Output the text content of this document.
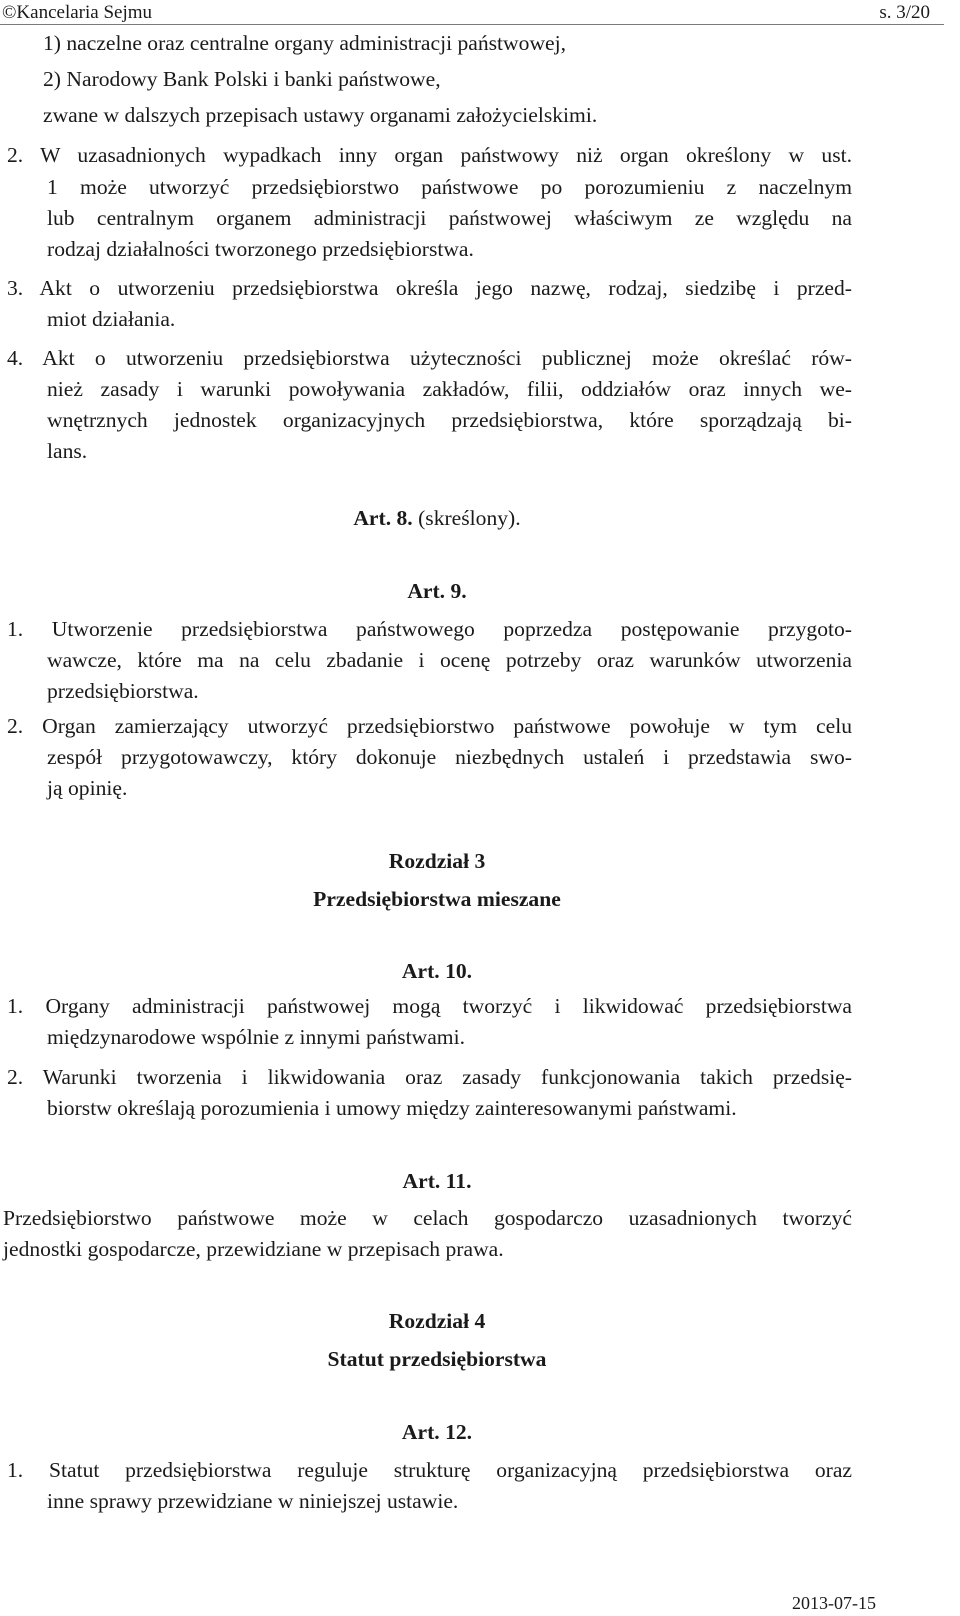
©Kancelaria Sejmu	s. 3/20
1) naczelne oraz centralne organy administracji państwowej,
2) Narodowy Bank Polski i banki państwowe,
zwane w dalszych przepisach ustawy organami założycielskimi.
2. W uzasadnionych wypadkach inny organ państwowy niż organ określony w ust.
1 może utworzyć przedsiębiorstwo państwowe po porozumieniu z naczelnym
lub centralnym organem administracji państwowej właściwym ze względu na
rodzaj działalności tworzonego przedsiębiorstwa.
3. Akt o utworzeniu przedsiębiorstwa określa jego nazwę, rodzaj, siedzibę i przed-
miot działania.
4. Akt o utworzeniu przedsiębiorstwa użyteczności publicznej może określać rów-
nież zasady i warunki powoływania zakładów, filii, oddziałów oraz innych we-
wnętrznych jednostek organizacyjnych przedsiębiorstwa, które sporządzają bi-
lans.
Art. 8. (skreślony).
Art. 9.
1. Utworzenie przedsiębiorstwa państwowego poprzedza postępowanie przygoto-
wawcze, które ma na celu zbadanie i ocenę potrzeby oraz warunków utworzenia
przedsiębiorstwa.
2. Organ zamierzający utworzyć przedsiębiorstwo państwowe powołuje w tym celu
zespół przygotowawczy, który dokonuje niezbędnych ustaleń i przedstawia swo-
ją opinię.
Rozdział 3
Przedsiębiorstwa mieszane
Art. 10.
1. Organy administracji państwowej mogą tworzyć i likwidować przedsiębiorstwa
międzynarodowe wspólnie z innymi państwami.
2. Warunki tworzenia i likwidowania oraz zasady funkcjonowania takich przedsię-
biorstw określają porozumienia i umowy między zainteresowanymi państwami.
Art. 11.
Przedsiębiorstwo państwowe może w celach gospodarczo uzasadnionych tworzyć
jednostki gospodarcze, przewidziane w przepisach prawa.
Rozdział 4
Statut przedsiębiorstwa
Art. 12.
1. Statut przedsiębiorstwa reguluje strukturę organizacyjną przedsiębiorstwa oraz
inne sprawy przewidziane w niniejszej ustawie.
2013-07-15
